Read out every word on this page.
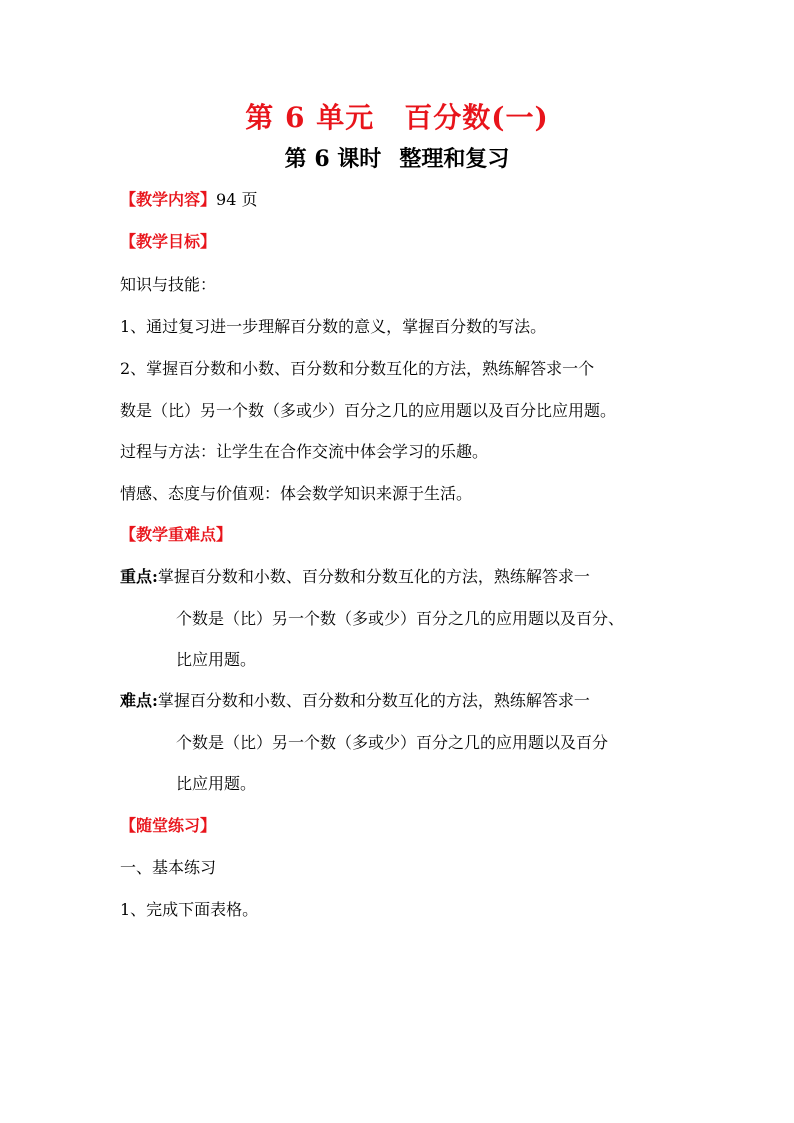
第 6 单元 百分数(一)
第 6 课时 整理和复习
【教学内容】94 页
【教学目标】
知识与技能：
1、通过复习进一步理解百分数的意义，掌握百分数的写法。
2、掌握百分数和小数、百分数和分数互化的方法，熟练解答求一个
数是（比）另一个数（多或少）百分之几的应用题以及百分比应用题。
过程与方法：让学生在合作交流中体会学习的乐趣。
情感、态度与价值观：体会数学知识来源于生活。
【教学重难点】
重点:掌握百分数和小数、百分数和分数互化的方法，熟练解答求一
个数是（比）另一个数（多或少）百分之几的应用题以及百分、
比应用题。
难点:掌握百分数和小数、百分数和分数互化的方法，熟练解答求一
个数是（比）另一个数（多或少）百分之几的应用题以及百分
比应用题。
【随堂练习】
一、基本练习
1、完成下面表格。
